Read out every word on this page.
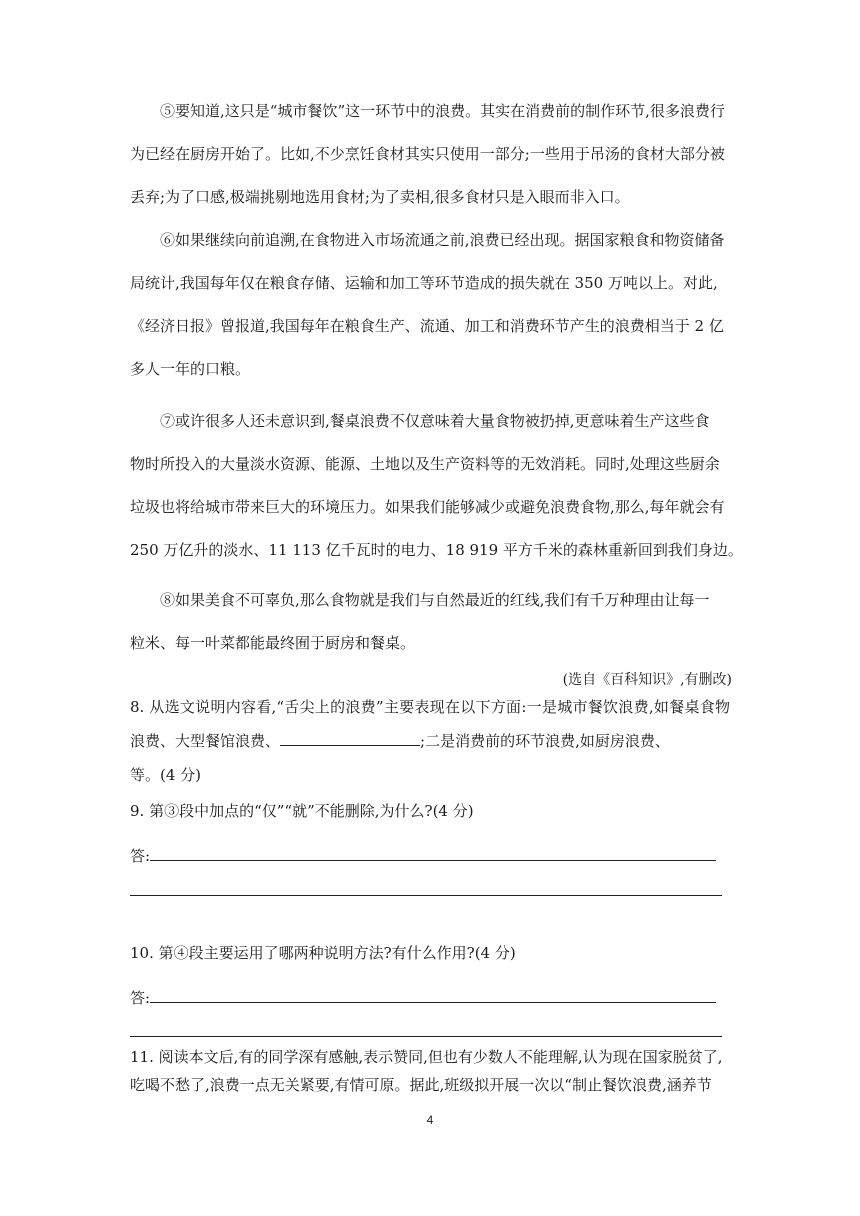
⑤要知道,这只是“城市餐饮”这一环节中的浪费。其实在消费前的制作环节,很多浪费行
为已经在厨房开始了。比如,不少烹饪食材其实只使用一部分;一些用于吊汤的食材大部分被
丢弃;为了口感,极端挑剔地选用食材;为了卖相,很多食材只是入眼而非入口。
⑥如果继续向前追溯,在食物进入市场流通之前,浪费已经出现。据国家粮食和物资储备
局统计,我国每年仅在粮食存储、运输和加工等环节造成的损失就在 350 万吨以上。对此,
《经济日报》曾报道,我国每年在粮食生产、流通、加工和消费环节产生的浪费相当于 2 亿
多人一年的口粮。
⑦或许很多人还未意识到,餐桌浪费不仅意味着大量食物被扔掉,更意味着生产这些食
物时所投入的大量淡水资源、能源、土地以及生产资料等的无效消耗。同时,处理这些厨余
垃圾也将给城市带来巨大的环境压力。如果我们能够减少或避免浪费食物,那么,每年就会有
250 万亿升的淡水、11 113 亿千瓦时的电力、18 919 平方千米的森林重新回到我们身边。
⑧如果美食不可辜负,那么食物就是我们与自然最近的红线,我们有千万种理由让每一
粒米、每一叶菜都能最终囿于厨房和餐桌。
(选自《百科知识》,有删改)

8. 从选文说明内容看,“舌尖上的浪费”主要表现在以下方面:一是城市餐饮浪费,如餐桌食物浪费、大型餐馆浪费、	;二是消费前的环节浪费,如厨房浪费、
等。(4 分)

9. 第③段中加点的“仅”“就”不能删除,为什么?(4 分)
答:
10. 第④段主要运用了哪两种说明方法?有什么作用?(4 分)
答:
11. 阅读本文后,有的同学深有感触,表示赞同,但也有少数人不能理解,认为现在国家脱贫了,
吃喝不愁了,浪费一点无关紧要,有情可原。据此,班级拟开展一次以“制止餐饮浪费,涵养节
4
